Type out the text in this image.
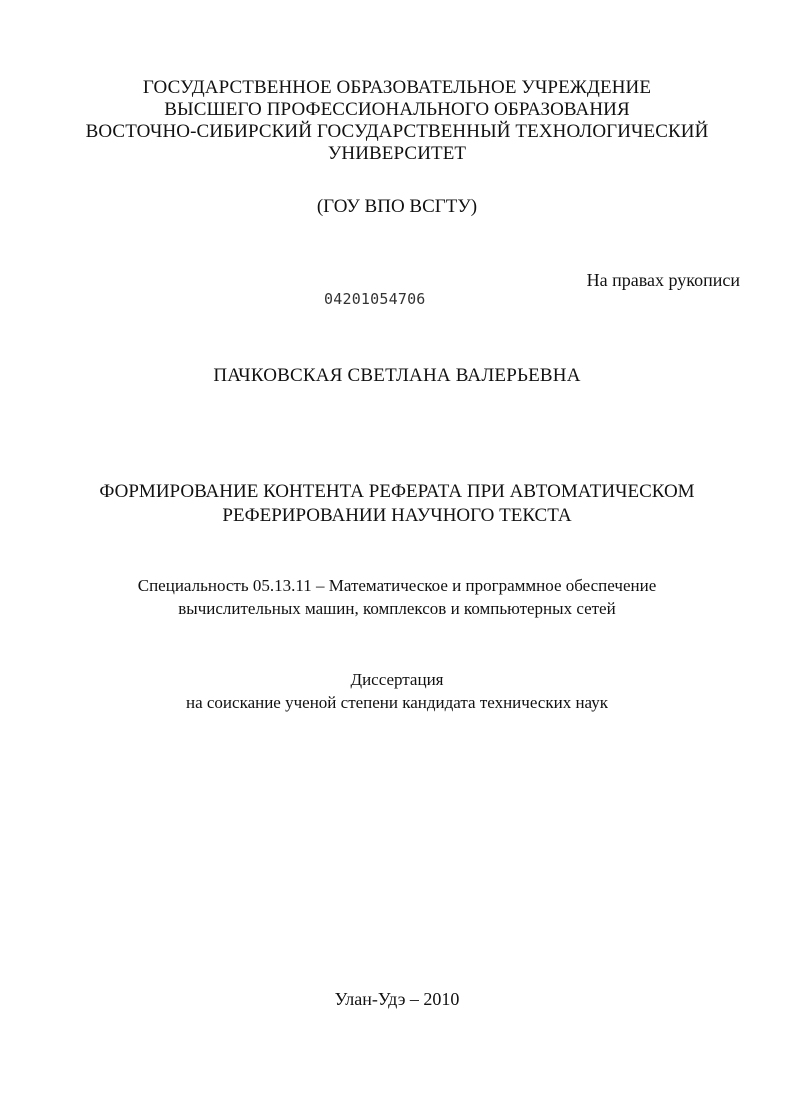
ГОСУДАРСТВЕННОЕ ОБРАЗОВАТЕЛЬНОЕ УЧРЕЖДЕНИЕ
ВЫСШЕГО ПРОФЕССИОНАЛЬНОГО ОБРАЗОВАНИЯ
ВОСТОЧНО-СИБИРСКИЙ ГОСУДАРСТВЕННЫЙ ТЕХНОЛОГИЧЕСКИЙ
УНИВЕРСИТЕТ
(ГОУ ВПО ВСГТУ)
На правах рукописи
04201054706
ПАЧКОВСКАЯ СВЕТЛАНА ВАЛЕРЬЕВНА
ФОРМИРОВАНИЕ КОНТЕНТА РЕФЕРАТА ПРИ АВТОМАТИЧЕСКОМ
РЕФЕРИРОВАНИИ НАУЧНОГО ТЕКСТА
Специальность 05.13.11 – Математическое и программное обеспечение
вычислительных машин, комплексов и компьютерных сетей
Диссертация
на соискание ученой степени кандидата технических наук
Улан-Удэ – 2010
